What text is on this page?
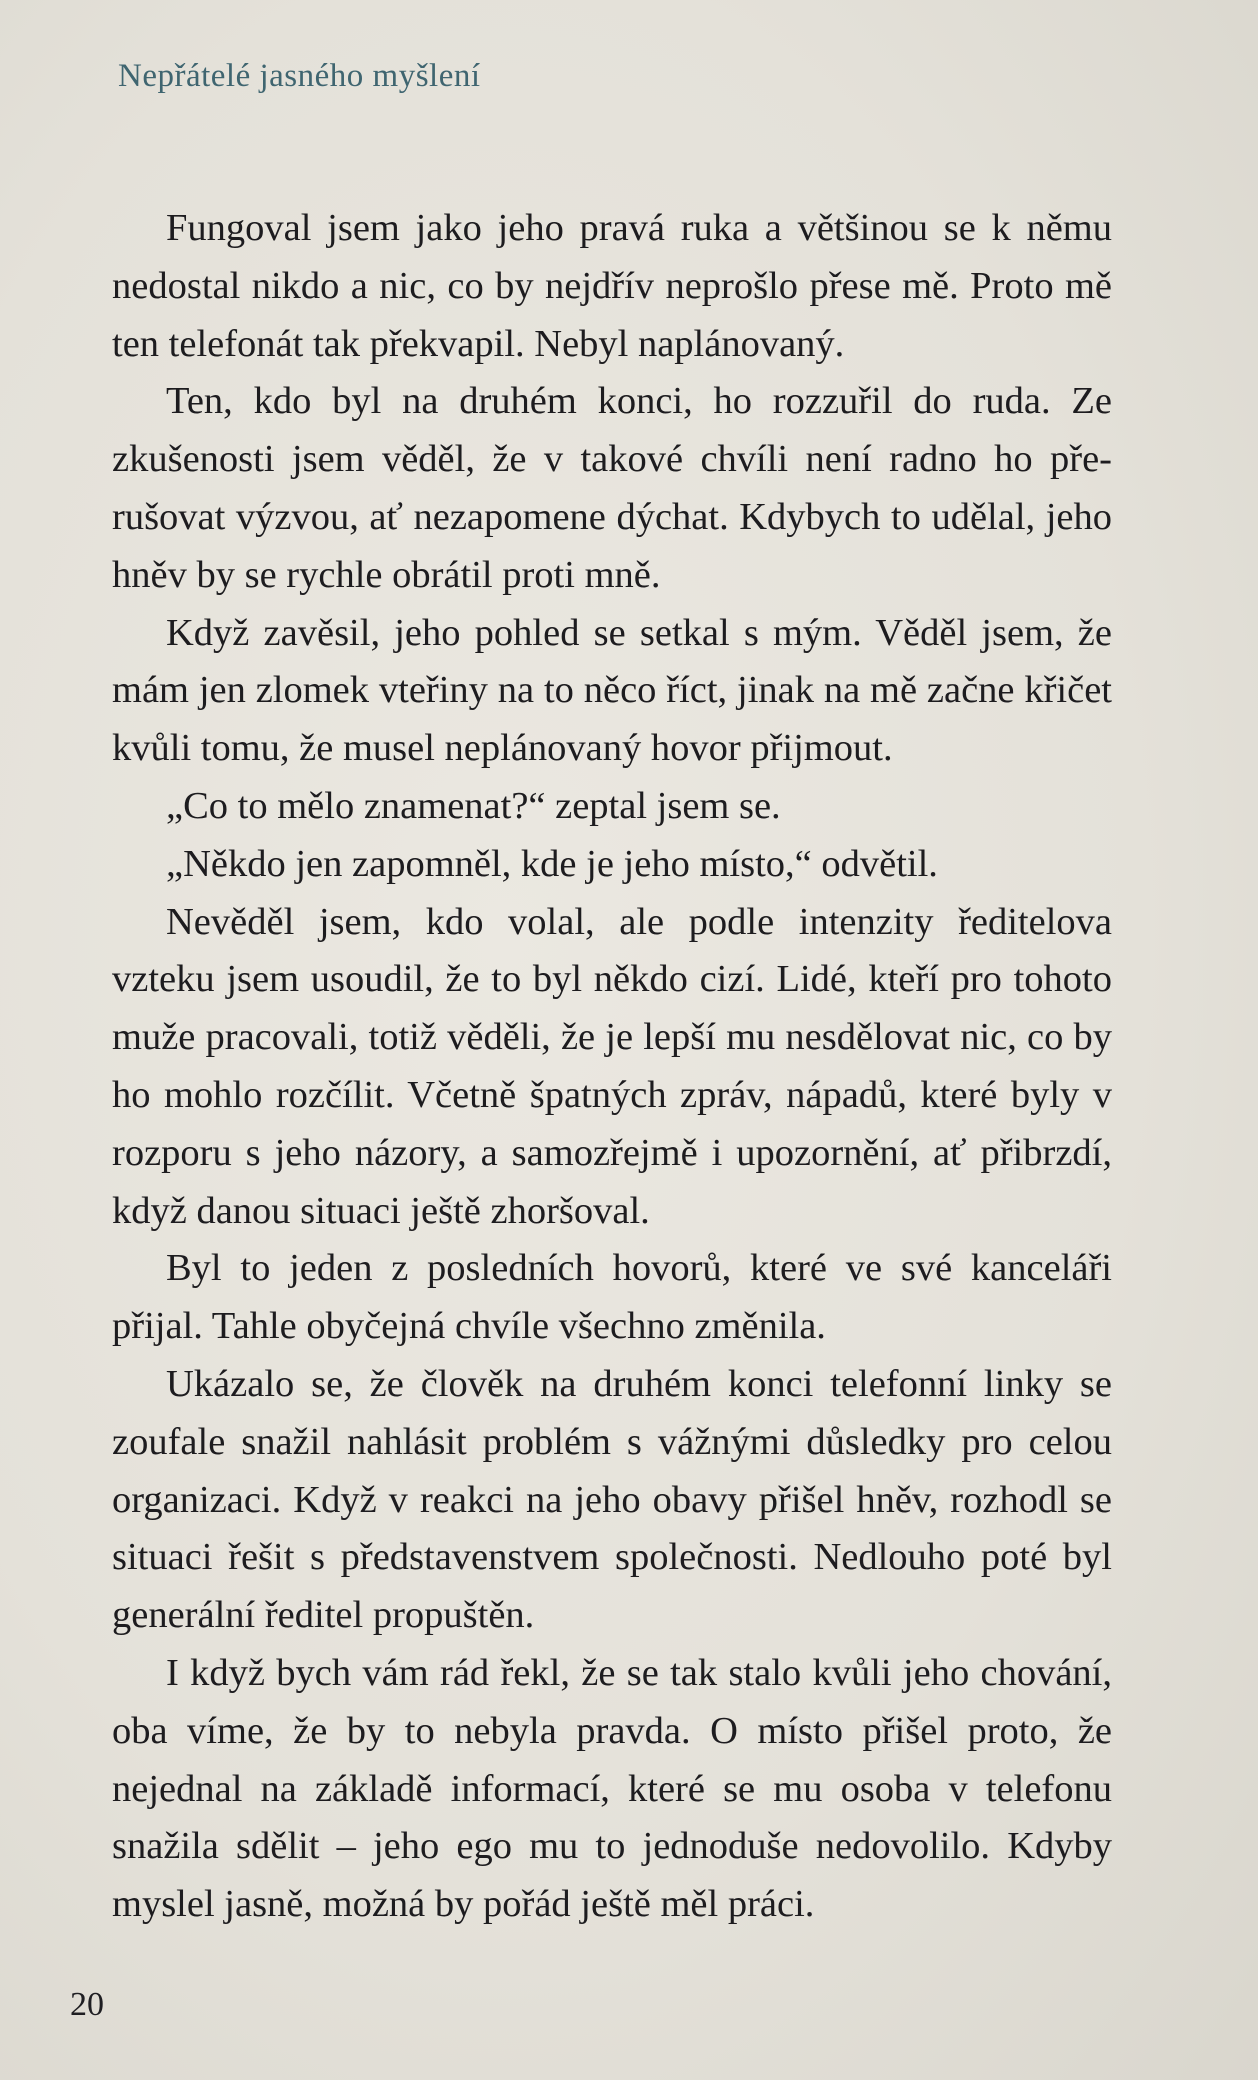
Nepřátelé jasného myšlení

Fungoval jsem jako jeho pravá ruka a většinou se k němu nedostal nikdo a nic, co by nejdřív neprošlo přese mě. Proto mě ten telefonát tak překvapil. Nebyl naplánovaný.

Ten, kdo byl na druhém konci, ho rozzuřil do ruda. Ze zkušenosti jsem věděl, že v takové chvíli není radno ho přerušovat výzvou, ať nezapomene dýchat. Kdybych to udělal, jeho hněv by se rychle obrátil proti mně.

Když zavěsil, jeho pohled se setkal s mým. Věděl jsem, že mám jen zlomek vteřiny na to něco říct, jinak na mě začne křičet kvůli tomu, že musel neplánovaný hovor přijmout.

„Co to mělo znamenat?“ zeptal jsem se.

„Někdo jen zapomněl, kde je jeho místo,“ odvětil.

Nevěděl jsem, kdo volal, ale podle intenzity ředitelova vzteku jsem usoudil, že to byl někdo cizí. Lidé, kteří pro tohoto muže pracovali, totiž věděli, že je lepší mu nesdělovat nic, co by ho mohlo rozčílit. Včetně špatných zpráv, nápadů, které byly v rozporu s jeho názory, a samozřejmě i upozornění, ať přibrzdí, když danou situaci ještě zhoršoval.

Byl to jeden z posledních hovorů, které ve své kanceláři přijal. Tahle obyčejná chvíle všechno změnila.

Ukázalo se, že člověk na druhém konci telefonní linky se zoufale snažil nahlásit problém s vážnými důsledky pro celou organizaci. Když v reakci na jeho obavy přišel hněv, rozhodl se situaci řešit s představenstvem společnosti. Nedlouho poté byl generální ředitel propuštěn.

I když bych vám rád řekl, že se tak stalo kvůli jeho chování, oba víme, že by to nebyla pravda. O místo přišel proto, že nejednal na základě informací, které se mu osoba v telefonu snažila sdělit – jeho ego mu to jednoduše nedovolilo. Kdyby myslel jasně, možná by pořád ještě měl práci.

20
